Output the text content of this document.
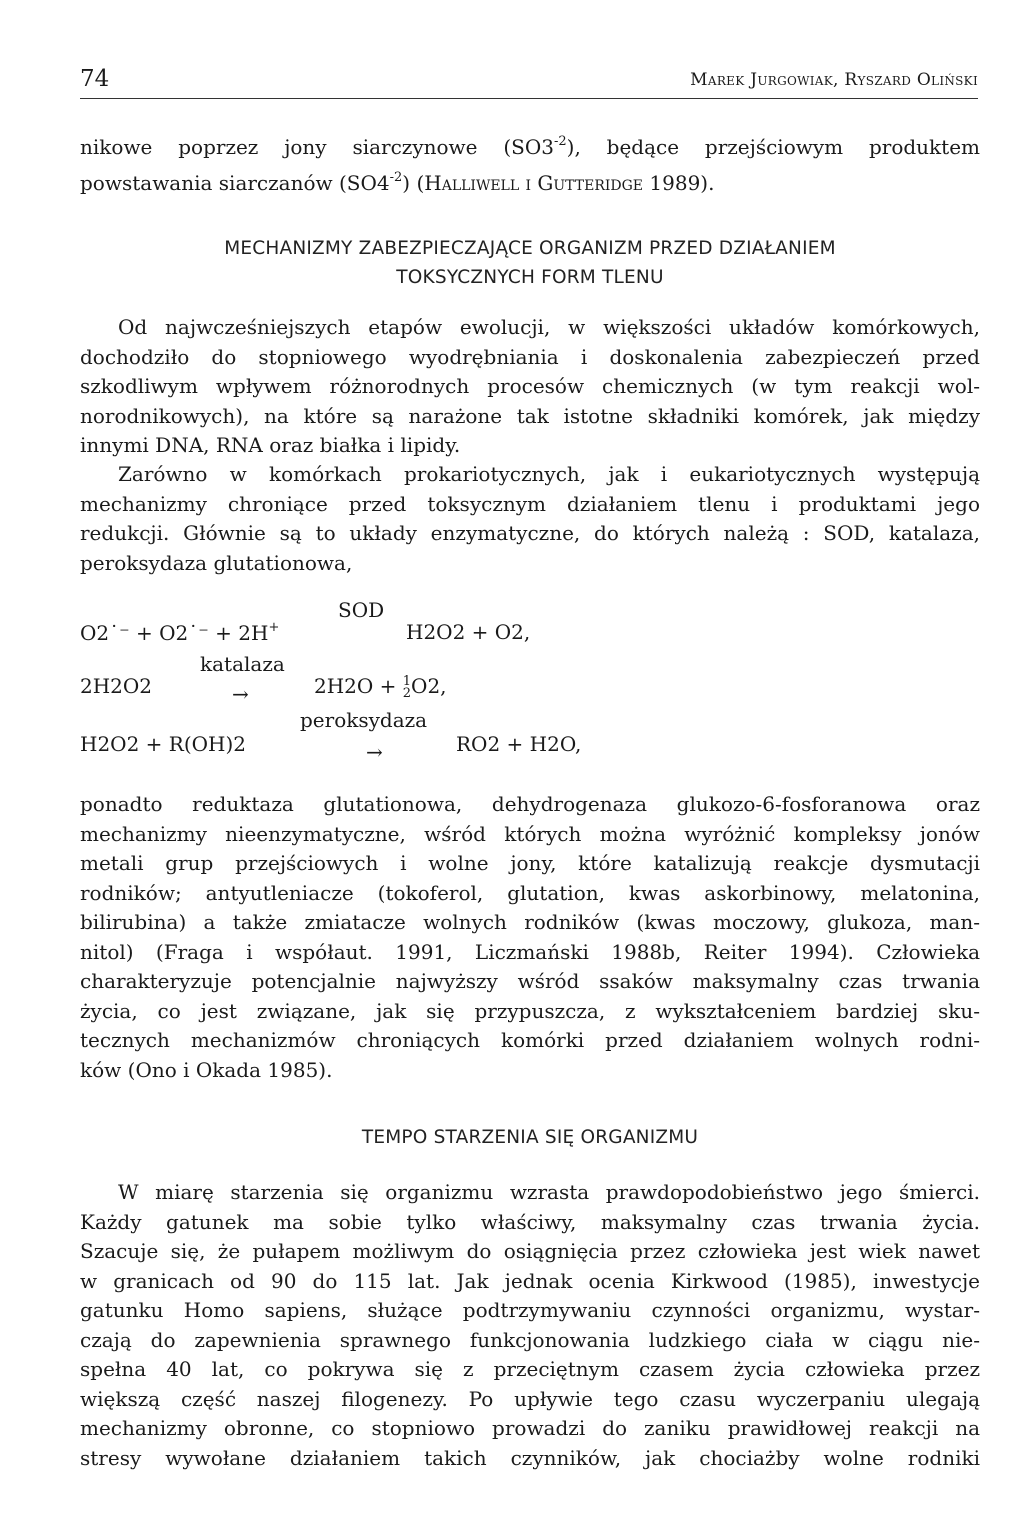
74	Marek Jurgowiak, Ryszard Oliński
nikowe poprzez jony siarczynowe $(SO3^{-2})$, będące przejściowym produktem
powstawania siarczanów $(SO4^{-2})$ (Halliwell i Gutteridge 1989).
MECHANIZMY ZABEZPIECZAJĄCE ORGANIZM PRZED DZIAŁANIEM
TOKSYCZNYCH FORM TLENU
Od najwcześniejszych etapów ewolucji, w większości układów komórkowych,
dochodziło do stopniowego wyodrębniania i doskonalenia zabezpieczeń przed
szkodliwym wpływem różnorodnych procesów chemicznych (w tym reakcji wol-
norodnikowych), na które są narażone tak istotne składniki komórek, jak między
innymi DNA, RNA oraz białka i lipidy.
Zarówno w komórkach prokariotycznych, jak i eukariotycznych występują
mechanizmy chroniące przed toksycznym działaniem tlenu i produktami jego
redukcji. Głównie są to układy enzymatyczne, do których należą : SOD, katalaza,
peroksydaza glutationowa,
O2˙⁻ + O2˙⁻ + 2H+
SOD
H2O2 + O2,
2H2O2
katalaza
→	2H2O + 1
2 O2,
H2O2 + R(OH)2
peroksydaza
→	RO2 + H2O,
ponadto reduktaza glutationowa, dehydrogenaza glukozo-6-fosforanowa oraz
mechanizmy nieenzymatyczne, wśród których można wyróżnić kompleksy jonów
metali grup przejściowych i wolne jony, które katalizują reakcje dysmutacji
rodników; antyutleniacze (tokoferol, glutation, kwas askorbinowy, melatonina,
bilirubina) a także zmiatacze wolnych rodników (kwas moczowy, glukoza, man-
nitol) (Fraga i współaut. 1991, Liczmański 1988b, Reiter 1994). Człowieka
charakteryzuje potencjalnie najwyższy wśród ssaków maksymalny czas trwania
życia, co jest związane, jak się przypuszcza, z wykształceniem bardziej sku-
tecznych mechanizmów chroniących komórki przed działaniem wolnych rodni-
ków (Ono i Okada 1985).
TEMPO STARZENIA SIĘ ORGANIZMU
W miarę starzenia się organizmu wzrasta prawdopodobieństwo jego śmierci.
Każdy gatunek ma sobie tylko właściwy, maksymalny czas trwania życia.
Szacuje się, że pułapem możliwym do osiągnięcia przez człowieka jest wiek nawet
w granicach od 90 do 115 lat. Jak jednak ocenia Kirkwood (1985), inwestycje
gatunku Homo sapiens, służące podtrzymywaniu czynności organizmu, wystar-
czają do zapewnienia sprawnego funkcjonowania ludzkiego ciała w ciągu nie-
spełna 40 lat, co pokrywa się z przeciętnym czasem życia człowieka przez
większą część naszej filogenezy. Po upływie tego czasu wyczerpaniu ulegają
mechanizmy obronne, co stopniowo prowadzi do zaniku prawidłowej reakcji na
stresy wywołane działaniem takich czynników, jak chociażby wolne rodniki
